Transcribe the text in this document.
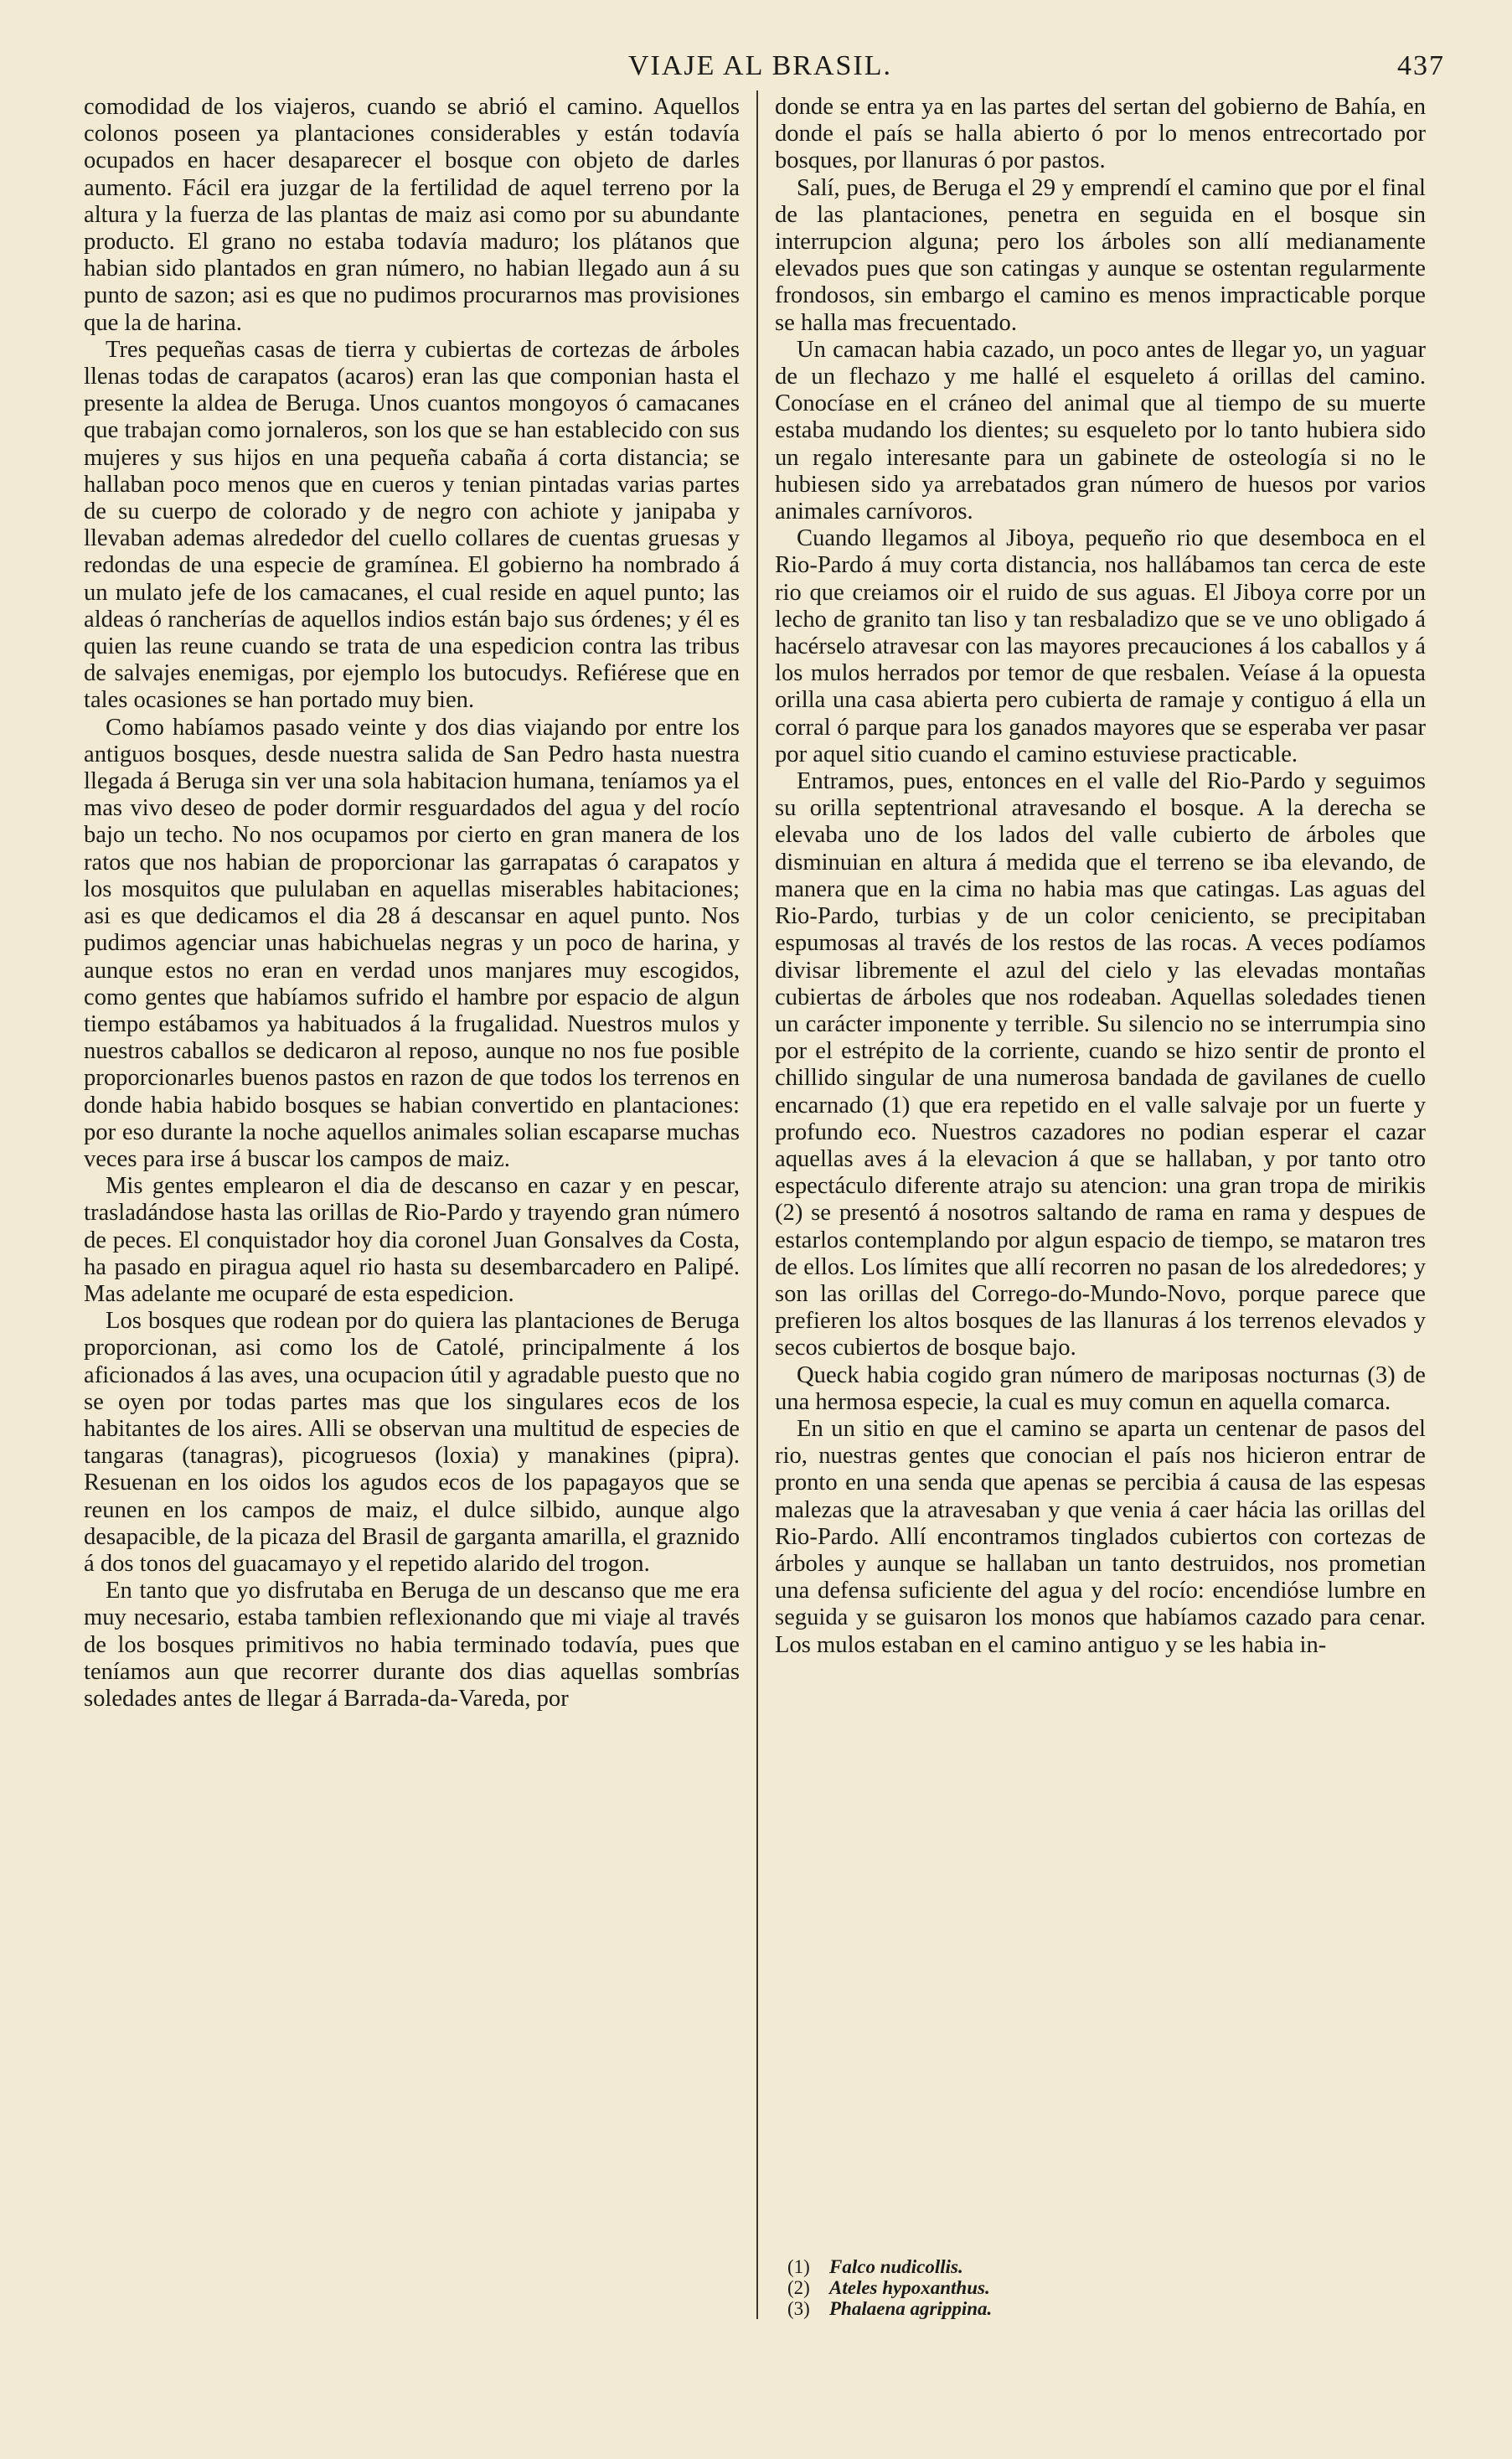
VIAJE AL BRASIL.	437

comodidad de los viajeros, cuando se abrió el camino. Aquellos colonos poseen ya plantaciones considerables y están todavía ocupados en hacer desaparecer el bosque con objeto de darles aumento. Fácil era juzgar de la fertilidad de aquel terreno por la altura y la fuerza de las plantas de maiz asi como por su abundante producto. El grano no estaba todavía maduro; los plátanos que habian sido plantados en gran número, no habian llegado aun á su punto de sazon; asi es que no pudimos procurarnos mas provisiones que la de harina.

Tres pequeñas casas de tierra y cubiertas de cortezas de árboles llenas todas de carapatos (acaros) eran las que componian hasta el presente la aldea de Beruga. Unos cuantos mongoyos ó camacanes que trabajan como jornaleros, son los que se han establecido con sus mujeres y sus hijos en una pequeña cabaña á corta distancia; se hallaban poco menos que en cueros y tenian pintadas varias partes de su cuerpo de colorado y de negro con achiote y janipaba y llevaban ademas alrededor del cuello collares de cuentas gruesas y redondas de una especie de gramínea. El gobierno ha nombrado á un mulato jefe de los camacanes, el cual reside en aquel punto; las aldeas ó rancherías de aquellos indios están bajo sus órdenes; y él es quien las reune cuando se trata de una espedicion contra las tribus de salvajes enemigas, por ejemplo los butocudys. Refiérese que en tales ocasiones se han portado muy bien.

Como habíamos pasado veinte y dos dias viajando por entre los antiguos bosques, desde nuestra salida de San Pedro hasta nuestra llegada á Beruga sin ver una sola habitacion humana, teníamos ya el mas vivo deseo de poder dormir resguardados del agua y del rocío bajo un techo. No nos ocupamos por cierto en gran manera de los ratos que nos habian de proporcionar las garrapatas ó carapatos y los mosquitos que pululaban en aquellas miserables habitaciones; asi es que dedicamos el dia 28 á descansar en aquel punto. Nos pudimos agenciar unas habichuelas negras y un poco de harina, y aunque estos no eran en verdad unos manjares muy escogidos, como gentes que habíamos sufrido el hambre por espacio de algun tiempo estábamos ya habituados á la frugalidad. Nuestros mulos y nuestros caballos se dedicaron al reposo, aunque no nos fue posible proporcionarles buenos pastos en razon de que todos los terrenos en donde habia habido bosques se habian convertido en plantaciones: por eso durante la noche aquellos animales solian escaparse muchas veces para irse á buscar los campos de maiz.

Mis gentes emplearon el dia de descanso en cazar y en pescar, trasladándose hasta las orillas de Rio-Pardo y trayendo gran número de peces. El conquistador hoy dia coronel Juan Gonsalves da Costa, ha pasado en piragua aquel rio hasta su desembarcadero en Palipé. Mas adelante me ocuparé de esta espedicion.

Los bosques que rodean por do quiera las plantaciones de Beruga proporcionan, asi como los de Catolé, principalmente á los aficionados á las aves, una ocupacion útil y agradable puesto que no se oyen por todas partes mas que los singulares ecos de los habitantes de los aires. Alli se observan una multitud de especies de tangaras (tanagras), picogruesos (loxia) y manakines (pipra). Resuenan en los oidos los agudos ecos de los papagayos que se reunen en los campos de maiz, el dulce silbido, aunque algo desapacible, de la picaza del Brasil de garganta amarilla, el graznido á dos tonos del guacamayo y el repetido alarido del trogon.

En tanto que yo disfrutaba en Beruga de un descanso que me era muy necesario, estaba tambien reflexionando que mi viaje al través de los bosques primitivos no habia terminado todavía, pues que teníamos aun que recorrer durante dos dias aquellas sombrías soledades antes de llegar á Barrada-da-Vareda, por

donde se entra ya en las partes del sertan del gobierno de Bahía, en donde el país se halla abierto ó por lo menos entrecortado por bosques, por llanuras ó por pastos.

Salí, pues, de Beruga el 29 y emprendí el camino que por el final de las plantaciones, penetra en seguida en el bosque sin interrupcion alguna; pero los árboles son allí medianamente elevados pues que son catingas y aunque se ostentan regularmente frondosos, sin embargo el camino es menos impracticable porque se halla mas frecuentado.

Un camacan habia cazado, un poco antes de llegar yo, un yaguar de un flechazo y me hallé el esqueleto á orillas del camino. Conocíase en el cráneo del animal que al tiempo de su muerte estaba mudando los dientes; su esqueleto por lo tanto hubiera sido un regalo interesante para un gabinete de osteología si no le hubiesen sido ya arrebatados gran número de huesos por varios animales carnívoros.

Cuando llegamos al Jiboya, pequeño rio que desemboca en el Rio-Pardo á muy corta distancia, nos hallábamos tan cerca de este rio que creiamos oir el ruido de sus aguas. El Jiboya corre por un lecho de granito tan liso y tan resbaladizo que se ve uno obligado á hacérselo atravesar con las mayores precauciones á los caballos y á los mulos herrados por temor de que resbalen. Veíase á la opuesta orilla una casa abierta pero cubierta de ramaje y contiguo á ella un corral ó parque para los ganados mayores que se esperaba ver pasar por aquel sitio cuando el camino estuviese practicable.

Entramos, pues, entonces en el valle del Rio-Pardo y seguimos su orilla septentrional atravesando el bosque. A la derecha se elevaba uno de los lados del valle cubierto de árboles que disminuian en altura á medida que el terreno se iba elevando, de manera que en la cima no habia mas que catingas. Las aguas del Rio-Pardo, turbias y de un color ceniciento, se precipitaban espumosas al través de los restos de las rocas. A veces podíamos divisar libremente el azul del cielo y las elevadas montañas cubiertas de árboles que nos rodeaban. Aquellas soledades tienen un carácter imponente y terrible. Su silencio no se interrumpia sino por el estrépito de la corriente, cuando se hizo sentir de pronto el chillido singular de una numerosa bandada de gavilanes de cuello encarnado (1) que era repetido en el valle salvaje por un fuerte y profundo eco. Nuestros cazadores no podian esperar el cazar aquellas aves á la elevacion á que se hallaban, y por tanto otro espectáculo diferente atrajo su atencion: una gran tropa de mirikis (2) se presentó á nosotros saltando de rama en rama y despues de estarlos contemplando por algun espacio de tiempo, se mataron tres de ellos. Los límites que allí recorren no pasan de los alrededores; y son las orillas del Corrego-do-Mundo-Novo, porque parece que prefieren los altos bosques de las llanuras á los terrenos elevados y secos cubiertos de bosque bajo.

Queck habia cogido gran número de mariposas nocturnas (3) de una hermosa especie, la cual es muy comun en aquella comarca.

En un sitio en que el camino se aparta un centenar de pasos del rio, nuestras gentes que conocian el país nos hicieron entrar de pronto en una senda que apenas se percibia á causa de las espesas malezas que la atravesaban y que venia á caer hácia las orillas del Rio-Pardo. Allí encontramos tinglados cubiertos con cortezas de árboles y aunque se hallaban un tanto destruidos, nos prometian una defensa suficiente del agua y del rocío: encendióse lumbre en seguida y se guisaron los monos que habíamos cazado para cenar. Los mulos estaban en el camino antiguo y se les habia in-

(1) Falco nudicollis.
(2) Ateles hypoxanthus.
(3) Phalaena agrippina.
